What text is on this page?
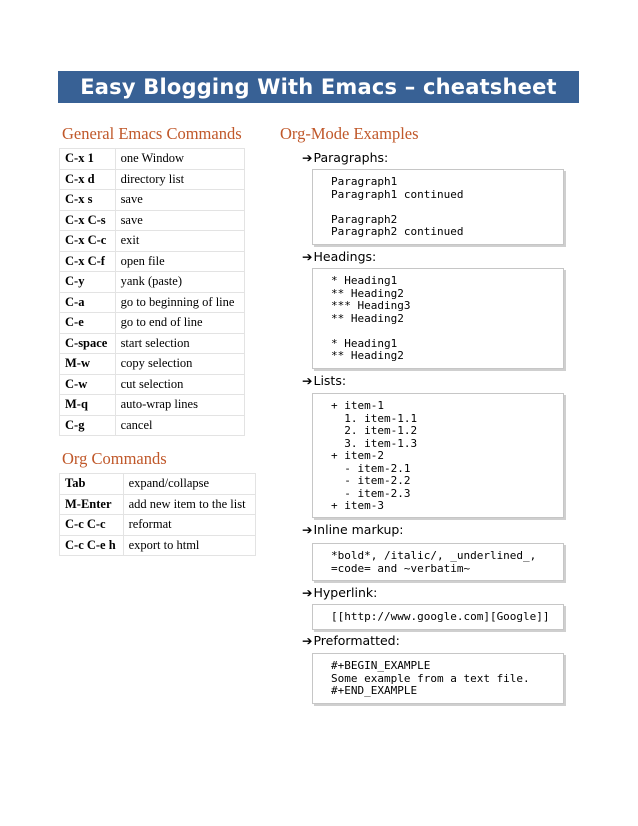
Easy Blogging With Emacs – cheatsheet
General Emacs Commands
C-x 1	one Window
C-x d	directory list
C-x s	save
C-x C-s	save
C-x C-c	exit
C-x C-f	open file
C-y	yank (paste)
C-a	go to beginning of line
C-e	go to end of line
C-space	start selection
M-w	copy selection
C-w	cut selection
M-q	auto-wrap lines
C-g	cancel
Org Commands
Tab	expand/collapse
M-Enter	add new item to the list
C-c C-c	reformat
C-c C-e h	export to html
Org-Mode Examples
➔Paragraphs:
Paragraph1
Paragraph1 continued

Paragraph2
Paragraph2 continued
➔Headings:
* Heading1
** Heading2
*** Heading3
** Heading2

* Heading1
** Heading2
➔Lists:
+ item-1
1. item-1.1
2. item-1.2
3. item-1.3
+ item-2
- item-2.1
- item-2.2
- item-2.3
+ item-3
➔Inline markup:
*bold*, /italic/, _underlined_,
=code= and ~verbatim~
➔Hyperlink:
[[http://www.google.com][Google]]
➔Preformatted:
#+BEGIN_EXAMPLE
Some example from a text file.
#+END_EXAMPLE
